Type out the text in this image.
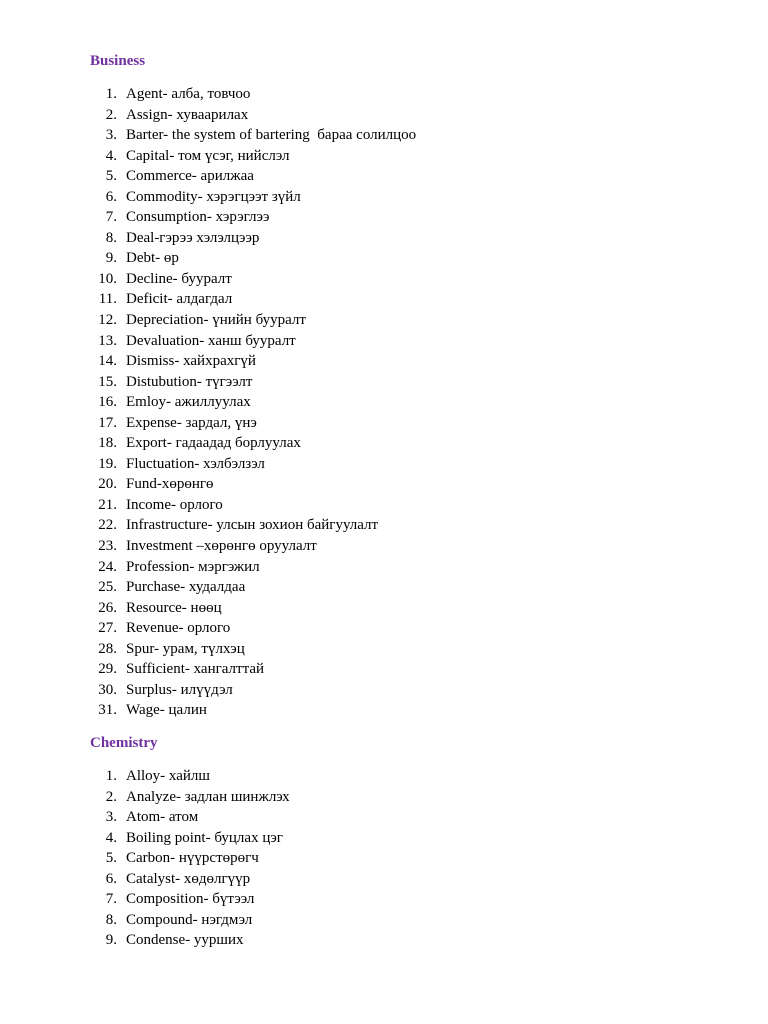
Business
1. Agent- алба, товчоо
2. Assign- хуваарилах
3. Barter- the system of bartering  бараа солилцоо
4. Capital- том үсэг, нийслэл
5. Commerce- арилжаа
6. Commodity- хэрэгцээт зүйл
7. Consumption- хэрэглээ
8. Deal-гэрээ хэлэлцээр
9. Debt- өр
10. Decline- бууралт
11. Deficit- алдагдал
12. Depreciation- үнийн бууралт
13. Devaluation- ханш бууралт
14. Dismiss- хайхрахгүй
15. Distubution- түгээлт
16. Emloy- ажиллуулах
17. Expense- зардал, үнэ
18. Export- гадаадад борлуулах
19. Fluctuation- хэлбэлзэл
20. Fund-хөрөнгө
21. Income- орлого
22. Infrastructure- улсын зохион байгуулалт
23. Investment –хөрөнгө оруулалт
24. Profession- мэргэжил
25. Purchase- худалдаа
26. Resource- нөөц
27. Revenue- орлого
28. Spur- урам, түлхэц
29. Sufficient- хангалттай
30. Surplus- илүүдэл
31. Wage- цалин
Chemistry
1. Alloy- хайлш
2. Analyze- задлан шинжлэх
3. Atom- атом
4. Boiling point- буцлах цэг
5. Carbon- нүүрстөрөгч
6. Catalyst- хөдөлгүүр
7. Composition- бүтээл
8. Compound- нэгдмэл
9. Condense- ууршиx
